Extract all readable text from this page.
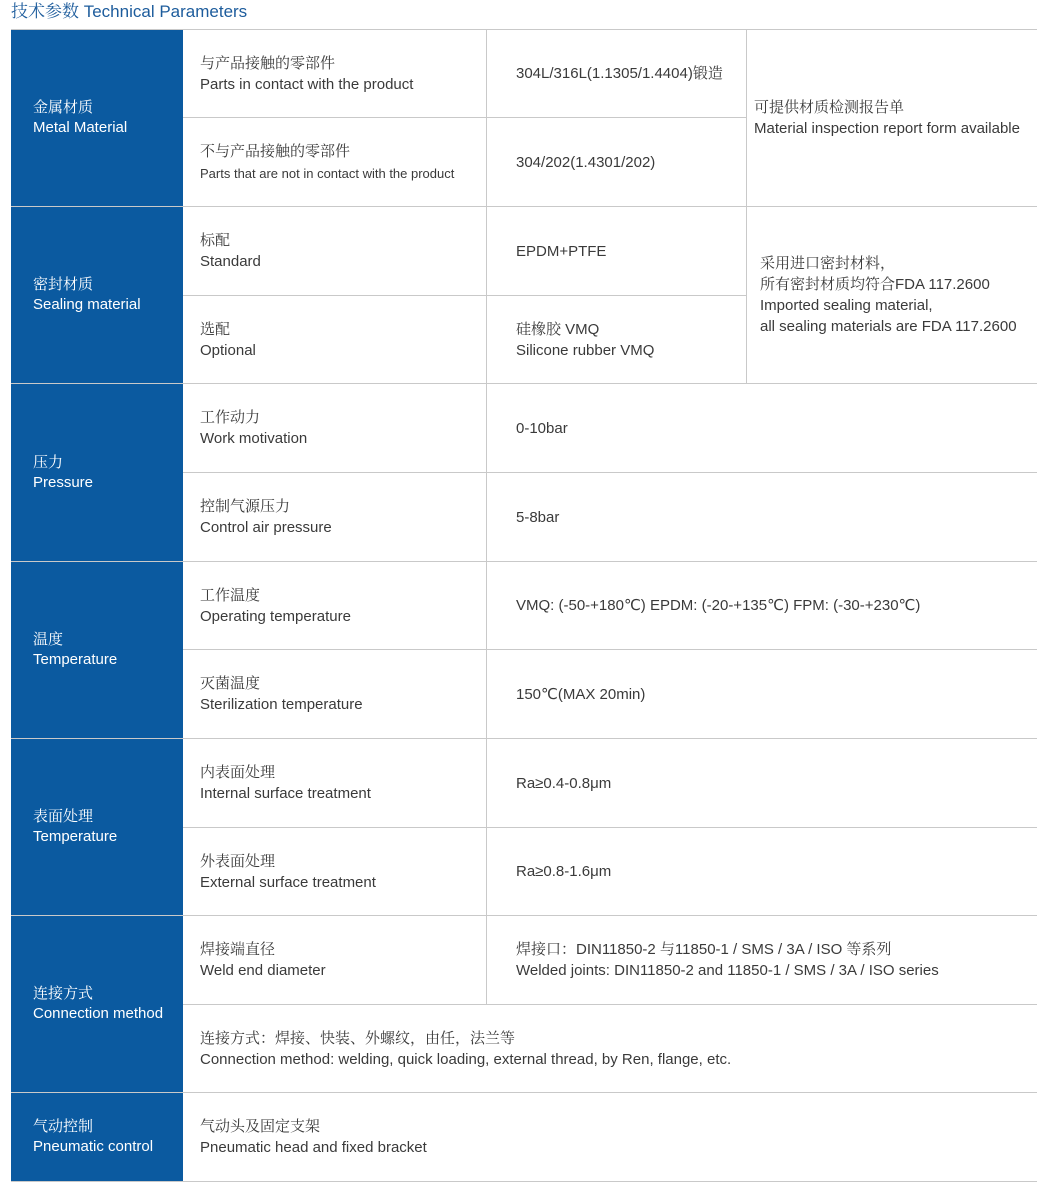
技术参数 Technical Parameters
金属材质
Metal Material
与产品接触的零部件
Parts in contact with the product
304L/316L(1.1305/1.4404)锻造
不与产品接触的零部件
Parts that are not in contact with the product
304/202(1.4301/202)
可提供材质检测报告单
Material inspection report form available
密封材质
Sealing material
标配
Standard
EPDM+PTFE
选配
Optional
硅橡胶 VMQ
Silicone rubber VMQ
采用进口密封材料，
所有密封材质均符合FDA 117.2600
Imported sealing material,
all sealing materials are FDA 117.2600
压力
Pressure
工作动力
Work motivation
0-10bar
控制气源压力
Control air pressure
5-8bar
温度
Temperature
工作温度
Operating temperature
VMQ: (-50-+180℃) EPDM: (-20-+135℃) FPM: (-30-+230℃)
灭菌温度
Sterilization temperature
150℃(MAX 20min)
表面处理
Temperature
内表面处理
Internal surface treatment
Ra≥0.4-0.8μm
外表面处理
External surface treatment
Ra≥0.8-1.6μm
连接方式
Connection method
焊接端直径
Weld end diameter
焊接口：DIN11850-2 与11850-1 / SMS / 3A / ISO 等系列
Welded joints: DIN11850-2 and 11850-1 / SMS / 3A / ISO series
连接方式：焊接、快装、外螺纹，由任，法兰等
Connection method: welding, quick loading, external thread, by Ren, flange, etc.
气动控制
Pneumatic control
气动头及固定支架
Pneumatic head and fixed bracket
